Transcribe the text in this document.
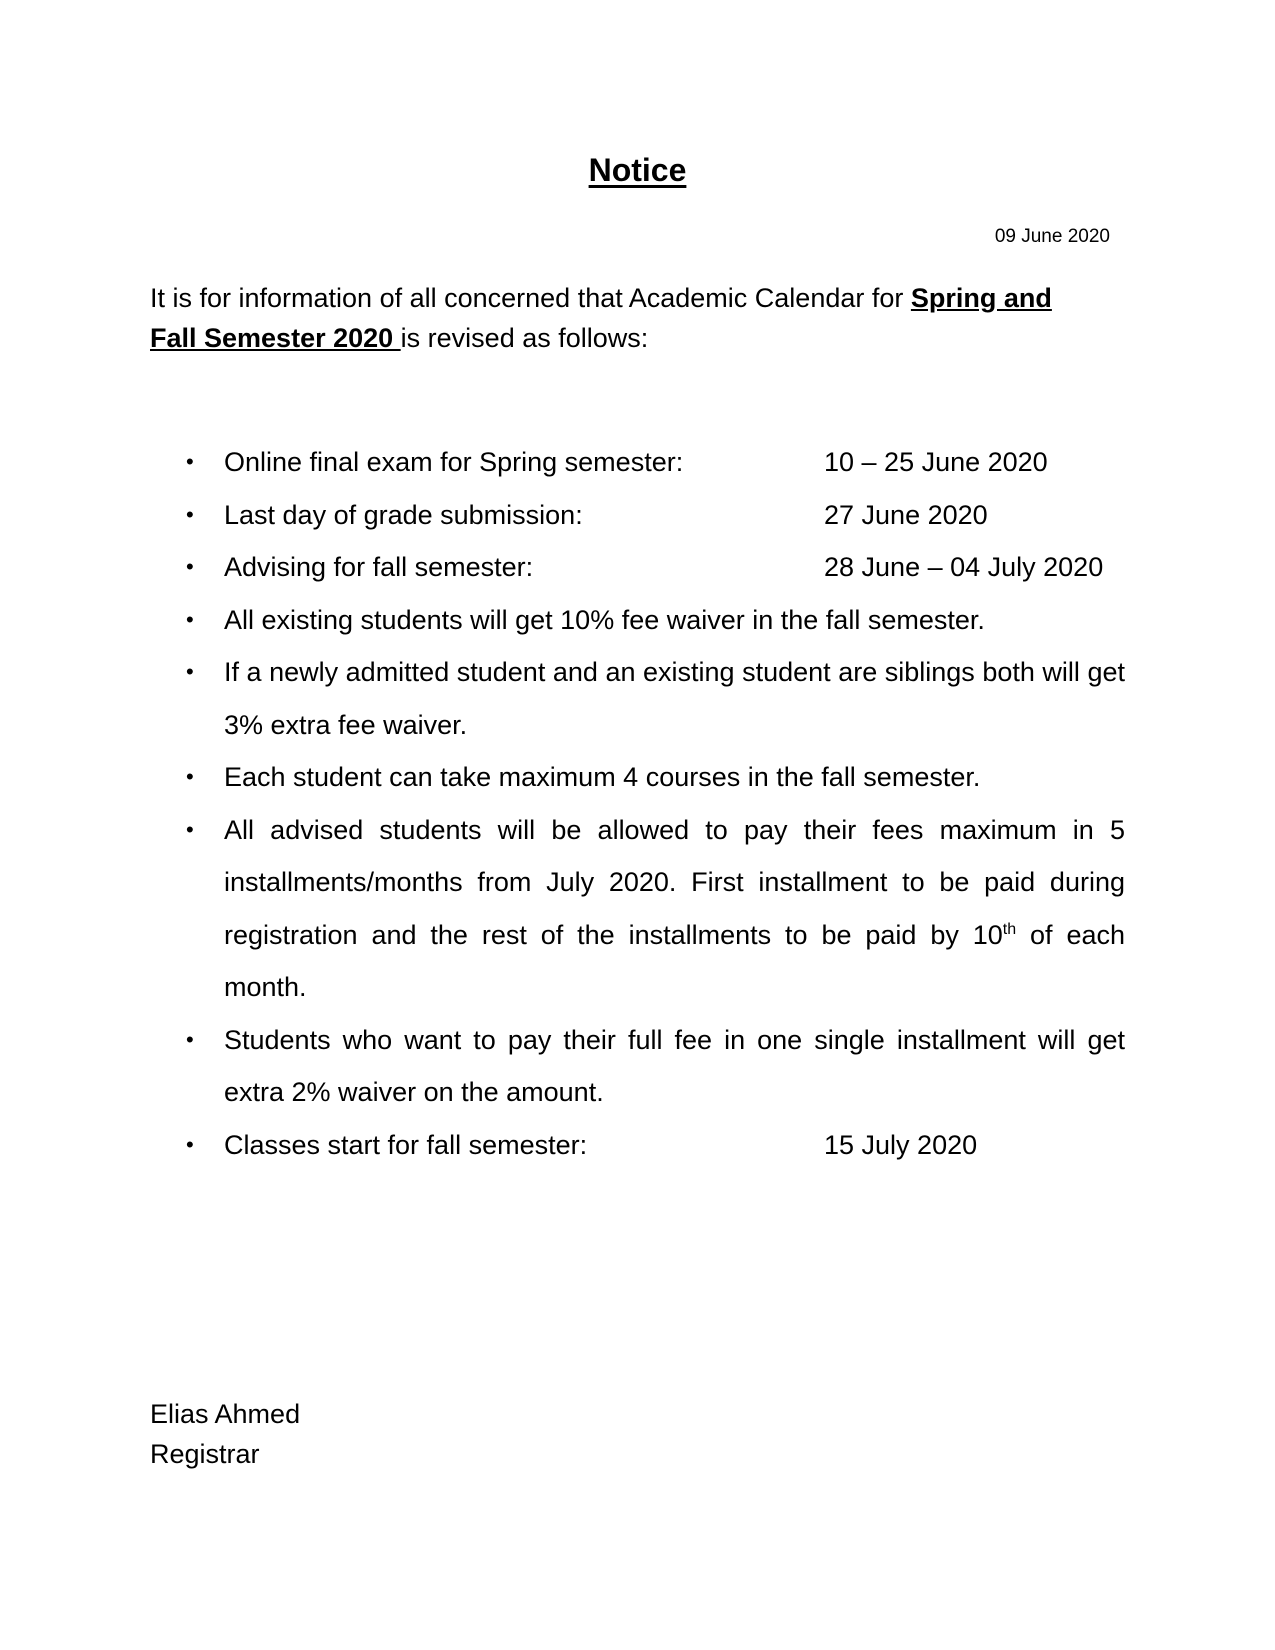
Notice

09 June 2020

It is for information of all concerned that Academic Calendar for Spring and Fall Semester 2020 is revised as follows:

• Online final exam for Spring semester:	10 – 25 June 2020
• Last day of grade submission:	27 June 2020
• Advising for fall semester:	28 June – 04 July 2020
• All existing students will get 10% fee waiver in the fall semester.
• If a newly admitted student and an existing student are siblings both will get 3% extra fee waiver.
• Each student can take maximum 4 courses in the fall semester.
• All advised students will be allowed to pay their fees maximum in 5 installments/months from July 2020. First installment to be paid during registration and the rest of the installments to be paid by 10th of each month.
• Students who want to pay their full fee in one single installment will get extra 2% waiver on the amount.
• Classes start for fall semester:	15 July 2020
Elias Ahmed
Registrar
